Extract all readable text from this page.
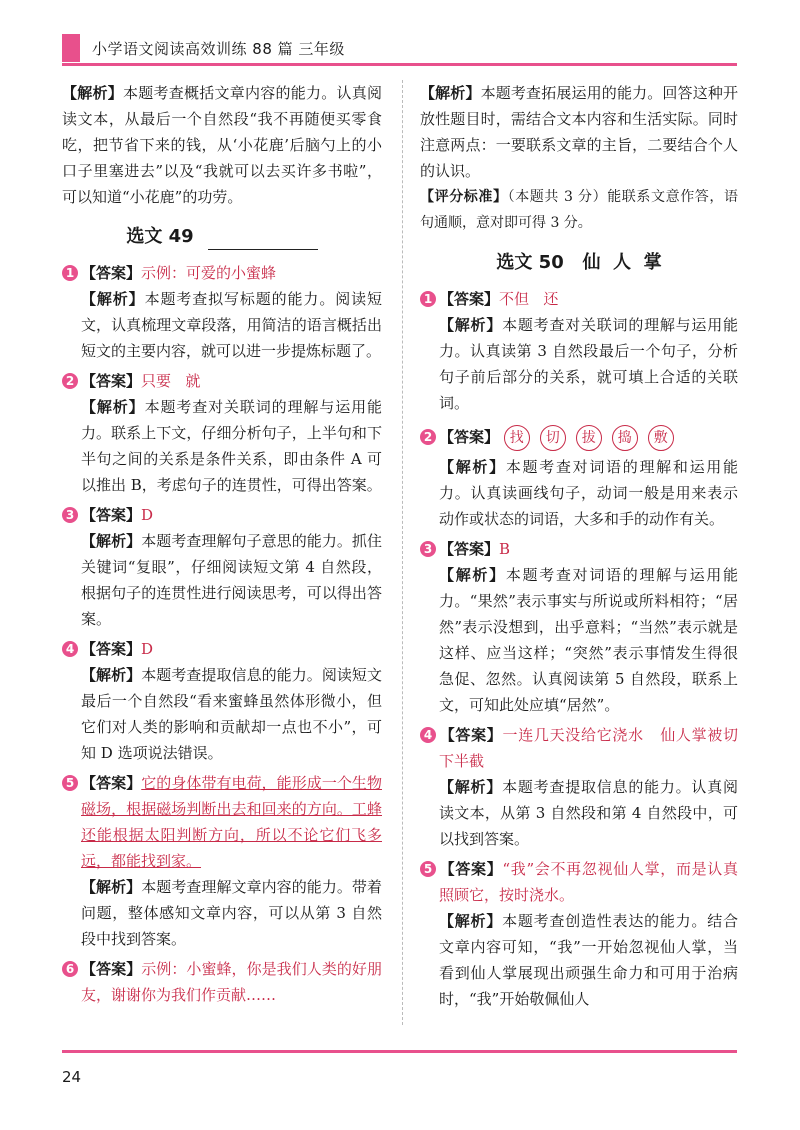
小学语文阅读高效训练 88 篇 三年级

【解析】本题考查概括文章内容的能力。认真阅读文本，从最后一个自然段“我不再随便买零食吃，把节省下来的钱，从‘小花鹿’后脑勺上的小口子里塞进去”以及“我就可以去买许多书啦”，可以知道“小花鹿”的功劳。

选文 49

1 【答案】示例：可爱的小蜜蜂

【解析】本题考查拟写标题的能力。阅读短文，认真梳理文章段落，用简洁的语言概括出短文的主要内容，就可以进一步提炼标题了。

2 【答案】只要   就

【解析】本题考查对关联词的理解与运用能力。联系上下文，仔细分析句子，上半句和下半句之间的关系是条件关系，即由条件 A 可以推出 B，考虑句子的连贯性，可得出答案。

3 【答案】D

【解析】本题考查理解句子意思的能力。抓住关键词“复眼”，仔细阅读短文第 4 自然段，根据句子的连贯性进行阅读思考，可以得出答案。

4 【答案】D

【解析】本题考查提取信息的能力。阅读短文最后一个自然段“看来蜜蜂虽然体形微小，但它们对人类的影响和贡献却一点也不小”，可知 D 选项说法错误。

5 【答案】它的身体带有电荷，能形成一个生物磁场，根据磁场判断出去和回来的方向。工蜂还能根据太阳判断方向，所以不论它们飞多远，都能找到家。

【解析】本题考查理解文章内容的能力。带着问题，整体感知文章内容，可以从第 3 自然段中找到答案。

6 【答案】示例：小蜜蜂，你是我们人类的好朋友，谢谢你为我们作贡献……

【解析】本题考查拓展运用的能力。回答这种开放性题目时，需结合文本内容和生活实际。同时注意两点：一要联系文章的主旨，二要结合个人的认识。

【评分标准】（本题共 3 分）能联系文意作答，语句通顺，意对即可得 3 分。

选文 50   仙  人  掌

1 【答案】不但   还

【解析】本题考查对关联词的理解与运用能力。认真读第 3 自然段最后一个句子，分析句子前后部分的关系，就可填上合适的关联词。

2 【答案】 找 切 拔 捣 敷

【解析】本题考查对词语的理解和运用能力。认真读画线句子，动词一般是用来表示动作或状态的词语，大多和手的动作有关。

3 【答案】B

【解析】本题考查对词语的理解与运用能力。“果然”表示事实与所说或所料相符；“居然”表示没想到，出乎意料；“当然”表示就是这样、应当这样；“突然”表示事情发生得很急促、忽然。认真阅读第 5 自然段，联系上文，可知此处应填“居然”。

4 【答案】一连几天没给它浇水   仙人掌被切下半截

【解析】本题考查提取信息的能力。认真阅读文本，从第 3 自然段和第 4 自然段中，可以找到答案。

5 【答案】“我”会不再忽视仙人掌，而是认真照顾它，按时浇水。

【解析】本题考查创造性表达的能力。结合文章内容可知，“我”一开始忽视仙人掌，当看到仙人掌展现出顽强生命力和可用于治病时，“我”开始敬佩仙人

24
